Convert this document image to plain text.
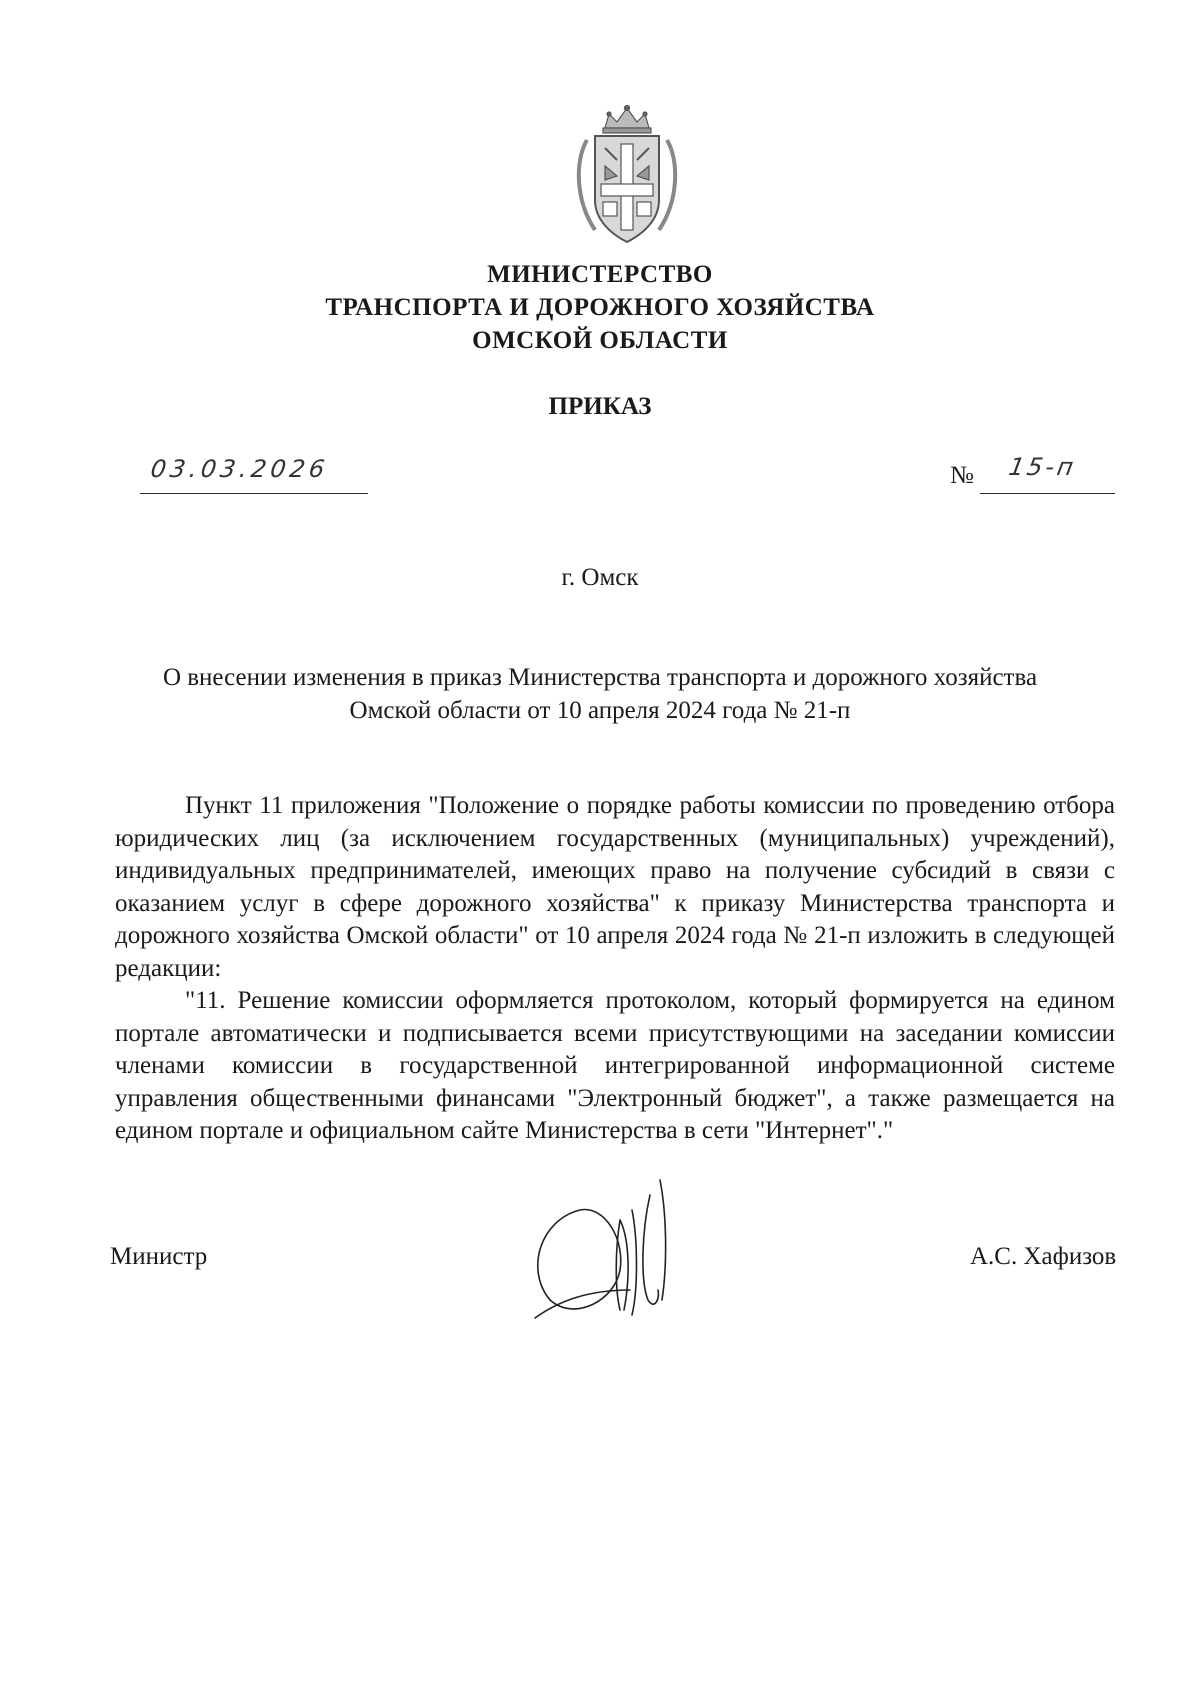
МИНИСТЕРСТВО
ТРАНСПОРТА И ДОРОЖНОГО ХОЗЯЙСТВА
ОМСКОЙ ОБЛАСТИ
ПРИКАЗ
03.03.2026	№ 15-п
г. Омск
О внесении изменения в приказ Министерства транспорта и дорожного хозяйства
Омской области от 10 апреля 2024 года № 21-п

Пункт 11 приложения "Положение о порядке работы комиссии по проведению отбора юридических лиц (за исключением государственных (муниципальных) учреждений), индивидуальных предпринимателей, имеющих право на получение субсидий в связи с оказанием услуг в сфере дорожного хозяйства" к приказу Министерства транспорта и дорожного хозяйства Омской области" от 10 апреля 2024 года № 21-п изложить в следующей редакции:

"11. Решение комиссии оформляется протоколом, который формируется на едином портале автоматически и подписывается всеми присутствующими на заседании комиссии членами комиссии в государственной интегрированной информационной системе управления общественными финансами "Электронный бюджет", а также размещается на едином портале и официальном сайте Министерства в сети "Интернет"."

Министр	А.С. Хафизов
